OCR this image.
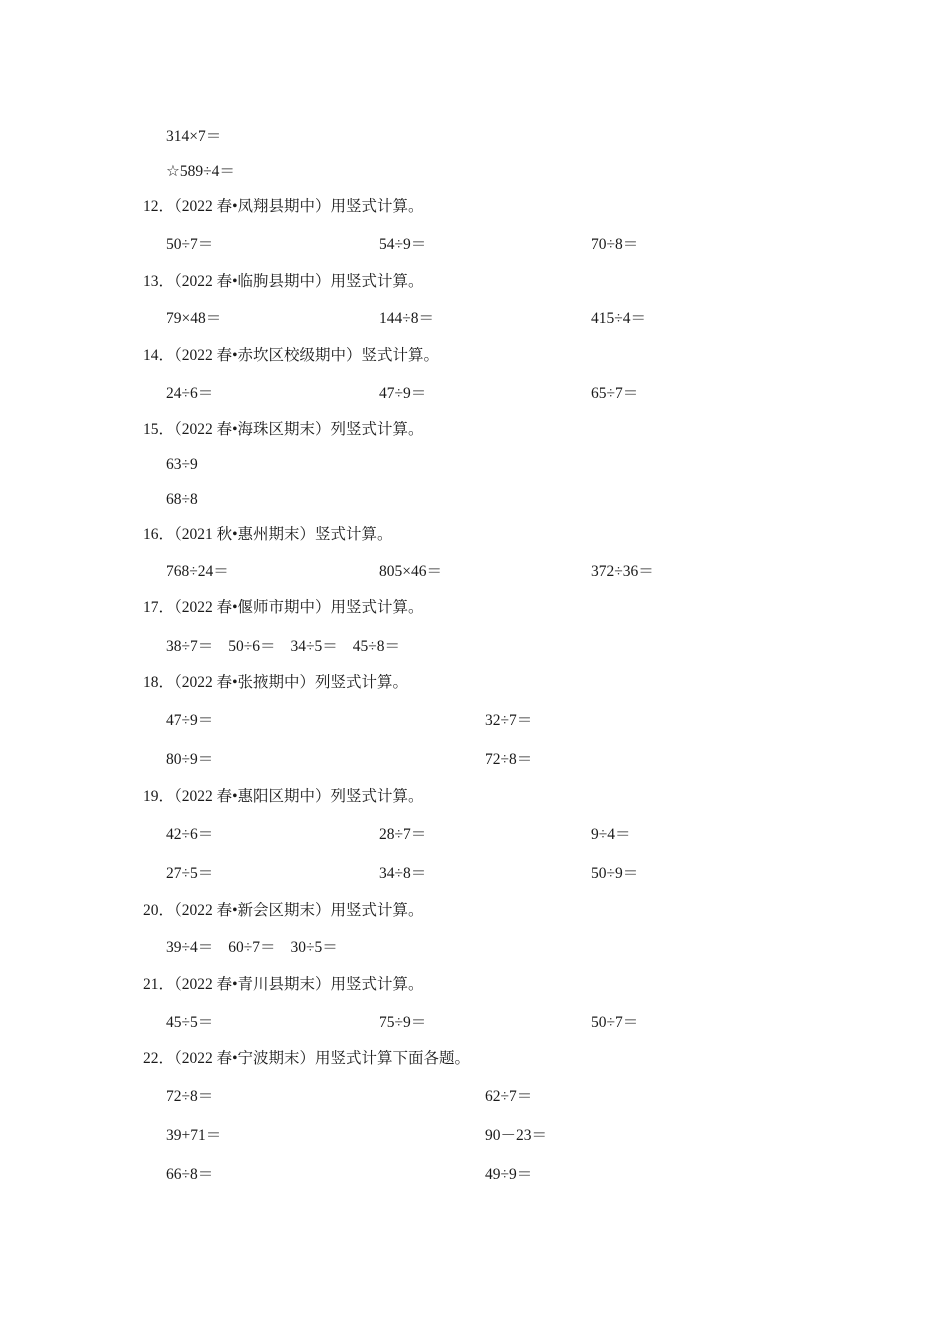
314×7＝
☆589÷4＝
12．（2022 春•凤翔县期中）用竖式计算。
50÷7＝	54÷9＝	70÷8＝
13．（2022 春•临朐县期中）用竖式计算。
79×48＝	144÷8＝	415÷4＝
14．（2022 春•赤坎区校级期中）竖式计算。
24÷6＝	47÷9＝	65÷7＝
15．（2022 春•海珠区期末）列竖式计算。
63÷9
68÷8
16．（2021 秋•惠州期末）竖式计算。
768÷24＝	805×46＝	372÷36＝
17．（2022 春•偃师市期中）用竖式计算。
38÷7＝ 50÷6＝ 34÷5＝ 45÷8＝
18．（2022 春•张掖期中）列竖式计算。
47÷9＝	32÷7＝
80÷9＝	72÷8＝
19．（2022 春•惠阳区期中）列竖式计算。
42÷6＝	28÷7＝	9÷4＝
27÷5＝	34÷8＝	50÷9＝
20．（2022 春•新会区期末）用竖式计算。
39÷4＝ 60÷7＝ 30÷5＝
21．（2022 春•青川县期末）用竖式计算。
45÷5＝	75÷9＝	50÷7＝
22．（2022 春•宁波期末）用竖式计算下面各题。
72÷8＝	62÷7＝
39+71＝	90－23＝
66÷8＝	49÷9＝
